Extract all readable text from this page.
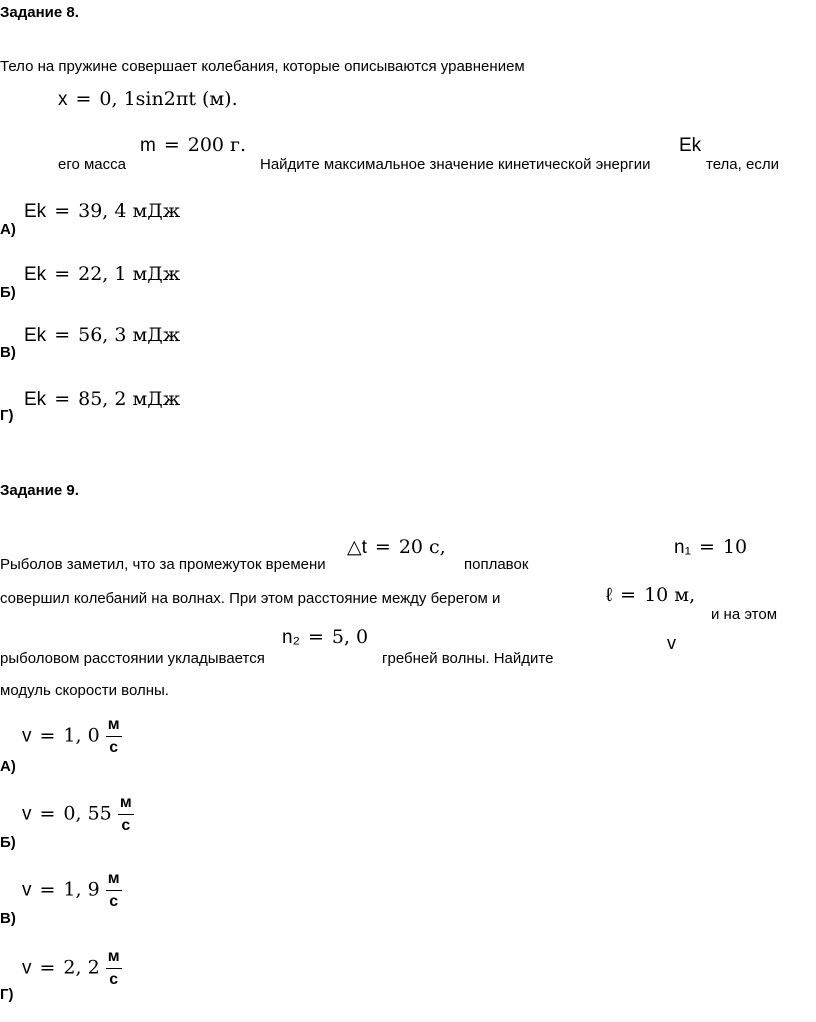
Задание 8.
Тело на пружине совершает колебания, которые описываются уравнением
x = 0, 1sin2πt (м).
его масса
m = 200 г.
Найдите максимальное значение кинетической энергии
Ek
тела, если
А)
Ek = 39, 4 мДж
Б)
Ek = 22, 1 мДж
В)
Ek = 56, 3 мДж
Г)
Ek = 85, 2 мДж
Задание 9.
Рыболов заметил, что за промежуток времени
△t = 20 с,
поплавок
n₁ = 10
совершил колебаний на волнах. При этом расстояние между берегом и	ℓ = 10 м,
и на этом
рыболовом расстоянии укладывается
n₂ = 5, 0
гребней волны. Найдите
v
модуль скорости волны.
А)
v = 1, $0 \frac{м}{с}$
Б)
v = 0, $55 \frac{м}{с}$
В)
v = 1, $9 \frac{м}{с}$
Г)
v = 2, $2 \frac{м}{с}$
